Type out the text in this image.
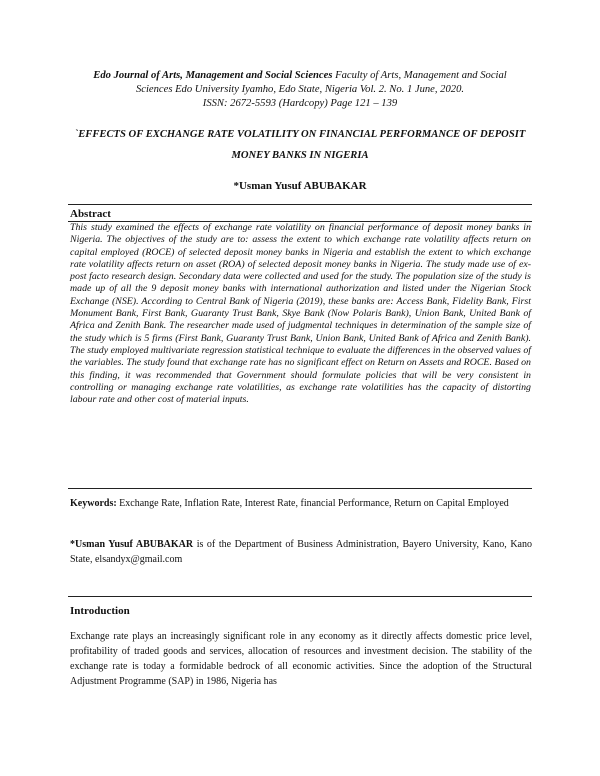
Edo Journal of Arts, Management and Social Sciences Faculty of Arts, Management and Social Sciences Edo University Iyamho, Edo State, Nigeria Vol. 2. No. 1 June, 2020.
ISSN: 2672-5593 (Hardcopy) Page 121 – 139
`EFFECTS OF EXCHANGE RATE VOLATILITY ON FINANCIAL PERFORMANCE OF DEPOSIT MONEY BANKS IN NIGERIA
*Usman Yusuf ABUBAKAR
Abstract
This study examined the effects of exchange rate volatility on financial performance of deposit money banks in Nigeria. The objectives of the study are to: assess the extent to which exchange rate volatility affects return on capital employed (ROCE) of selected deposit money banks in Nigeria and establish the extent to which exchange rate volatility affects return on asset (ROA) of selected deposit money banks in Nigeria. The study made use of ex-post facto research design. Secondary data were collected and used for the study. The population size of the study is made up of all the 9 deposit money banks with international authorization and listed under the Nigerian Stock Exchange (NSE). According to Central Bank of Nigeria (2019), these banks are: Access Bank, Fidelity Bank, First Monument Bank, First Bank, Guaranty Trust Bank, Skye Bank (Now Polaris Bank), Union Bank, United Bank of Africa and Zenith Bank. The researcher made used of judgmental techniques in determination of the sample size of the study which is 5 firms (First Bank, Guaranty Trust Bank, Union Bank, United Bank of Africa and Zenith Bank). The study employed multivariate regression statistical technique to evaluate the differences in the observed values of the variables. The study found that exchange rate has no significant effect on Return on Assets and ROCE. Based on this finding, it was recommended that Government should formulate policies that will be very consistent in controlling or managing exchange rate volatilities, as exchange rate volatilities has the capacity of distorting labour rate and other cost of material inputs.
Keywords: Exchange Rate, Inflation Rate, Interest Rate, financial Performance, Return on Capital Employed
*Usman Yusuf ABUBAKAR is of the Department of Business Administration, Bayero University, Kano, Kano State, elsandyx@gmail.com
Introduction
Exchange rate plays an increasingly significant role in any economy as it directly affects domestic price level, profitability of traded goods and services, allocation of resources and investment decision. The stability of the exchange rate is today a formidable bedrock of all economic activities. Since the adoption of the Structural Adjustment Programme (SAP) in 1986, Nigeria has
